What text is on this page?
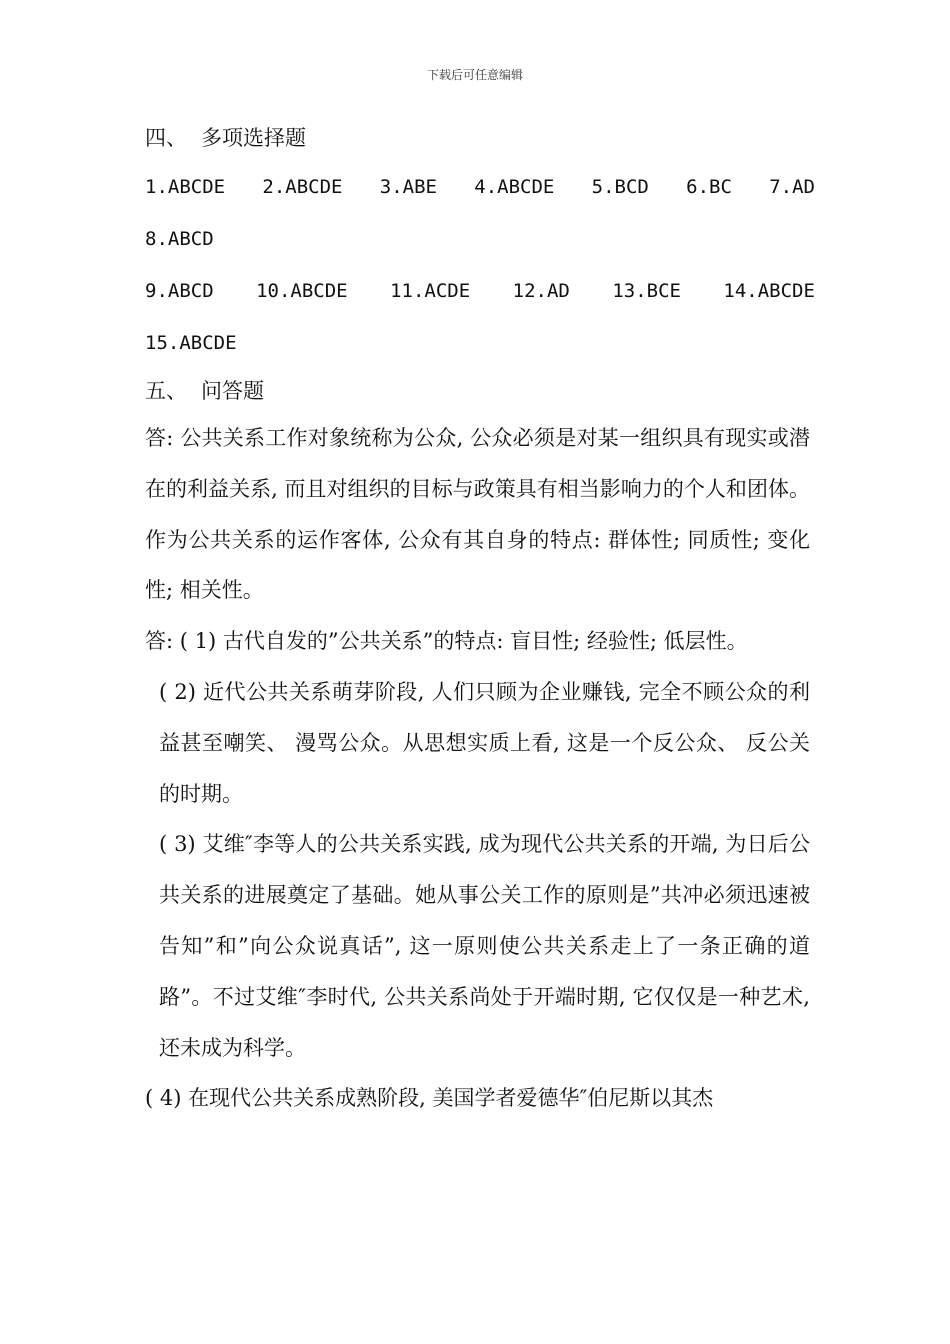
下载后可任意编辑
四、 多项选择题
1.ABCDE 2.ABCDE 3.ABE 4.ABCDE 5.BCD 6.BC 7.AD
8.ABCD
9.ABCD 10.ABCDE 11.ACDE 12.AD 13.BCE 14.ABCDE
15.ABCDE
五、 问答题

答: 公共关系工作对象统称为公众, 公众必须是对某一组织具有现实或潜在的利益关系, 而且对组织的目标与政策具有相当影响力的个人和团体。作为公共关系的运作客体, 公众有其自身的特点: 群体性; 同质性; 变化性; 相关性。

答: ( 1) 古代自发的”公共关系”的特点: 盲目性; 经验性; 低层性。

( 2) 近代公共关系萌芽阶段, 人们只顾为企业赚钱, 完全不顾公众的利益甚至嘲笑、 漫骂公众。从思想实质上看, 这是一个反公众、 反公关的时期。

( 3) 艾维″李等人的公共关系实践, 成为现代公共关系的开端, 为日后公共关系的进展奠定了基础。她从事公关工作的原则是”共冲必须迅速被告知”和”向公众说真话”, 这一原则使公共关系走上了一条正确的道路”。不过艾维″李时代, 公共关系尚处于开端时期, 它仅仅是一种艺术, 还未成为科学。

( 4) 在现代公共关系成熟阶段, 美国学者爱德华″伯尼斯以其杰
